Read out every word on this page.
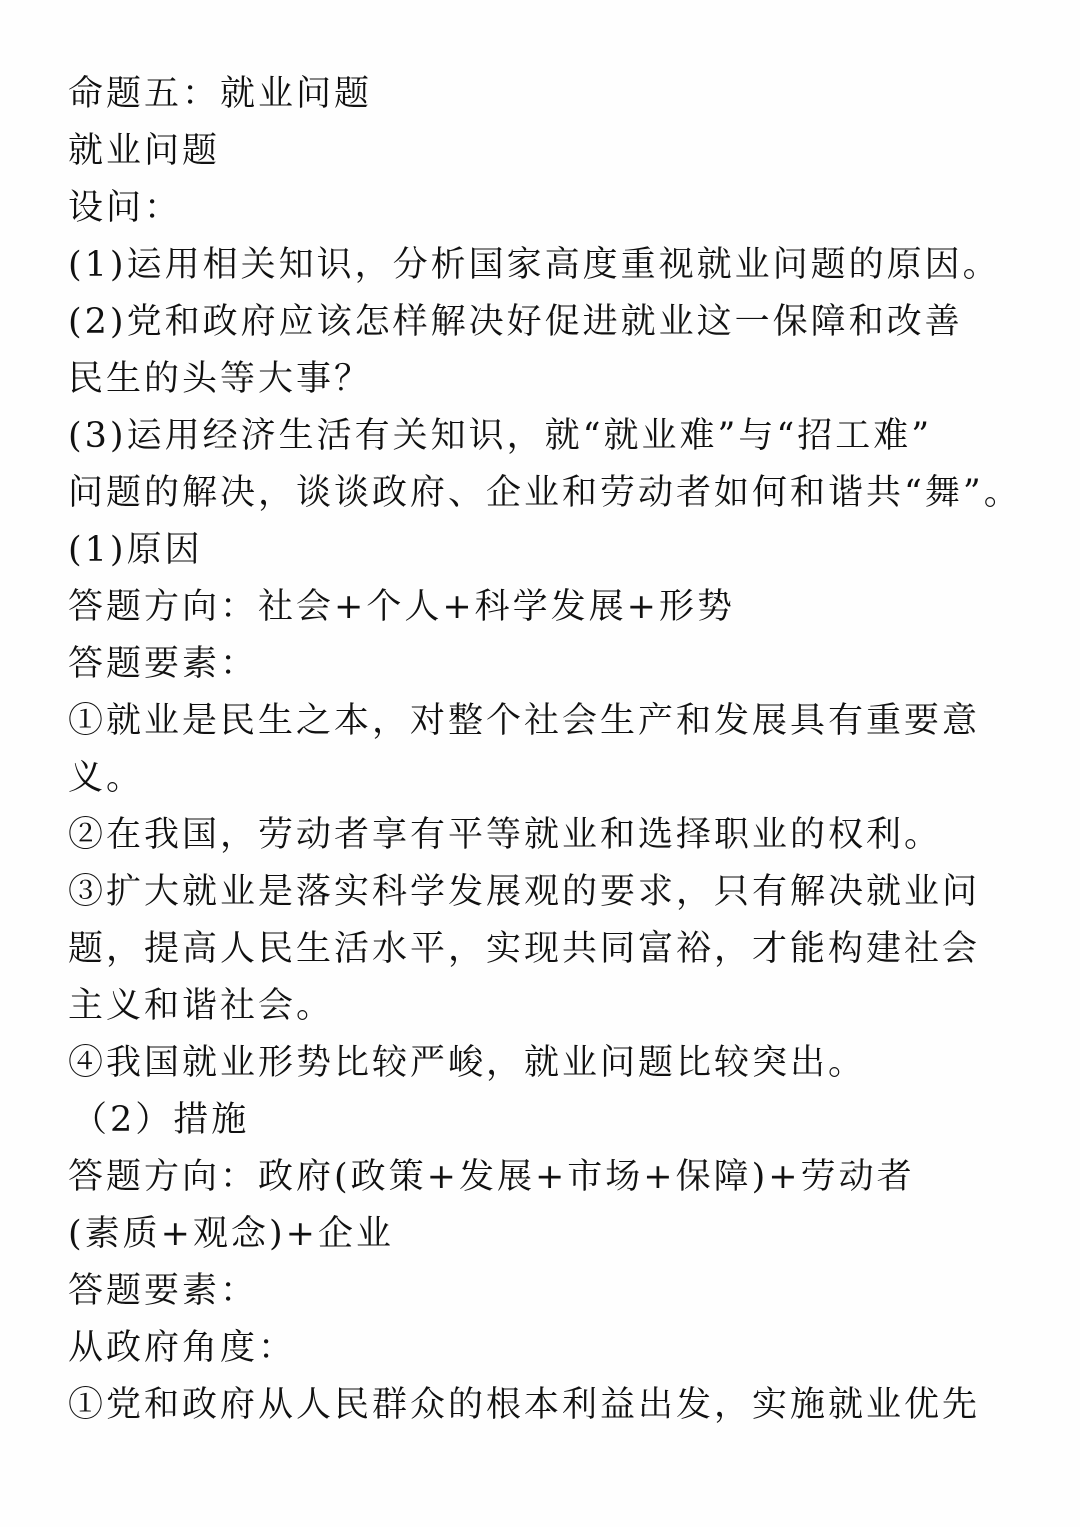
命题五：就业问题
就业问题
设问：
(1)运用相关知识，分析国家高度重视就业问题的原因。
(2)党和政府应该怎样解决好促进就业这一保障和改善
民生的头等大事？
(3)运用经济生活有关知识，就“就业难”与“招工难”
问题的解决，谈谈政府、企业和劳动者如何和谐共“舞”。
(1)原因
答题方向：社会+个人+科学发展+形势
答题要素：
①就业是民生之本，对整个社会生产和发展具有重要意
义。
②在我国，劳动者享有平等就业和选择职业的权利。
③扩大就业是落实科学发展观的要求，只有解决就业问
题，提高人民生活水平，实现共同富裕，才能构建社会
主义和谐社会。
④我国就业形势比较严峻，就业问题比较突出。
（2）措施
答题方向：政府(政策+发展+市场+保障)+劳动者
(素质+观念)+企业
答题要素：
从政府角度：
①党和政府从人民群众的根本利益出发，实施就业优先
